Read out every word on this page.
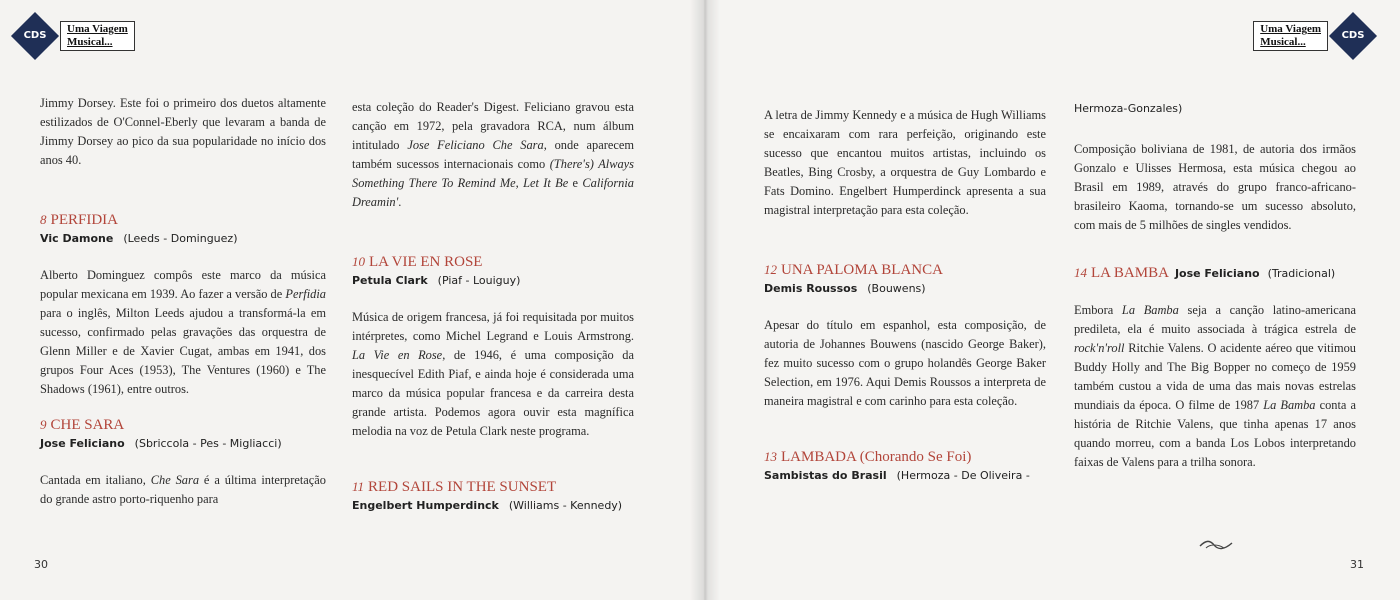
CDS
Uma Viagem
Musical...

Jimmy Dorsey. Este foi o primeiro dos duetos altamente estilizados de O'Connel-Eberly que levaram a banda de Jimmy Dorsey ao pico da sua popularidade no início dos anos 40.

8 PERFIDIA

Vic Damone (Leeds - Dominguez)

Alberto Dominguez compôs este marco da música popular mexicana em 1939. Ao fazer a versão de Perfidia para o inglês, Milton Leeds ajudou a transformá-la em sucesso, confirmado pelas gravações das orquestra de Glenn Miller e de Xavier Cugat, ambas em 1941, dos grupos Four Aces (1953), The Ventures (1960) e The Shadows (1961), entre outros.

9 CHE SARA

Jose Feliciano (Sbriccola - Pes - Migliacci)

Cantada em italiano, Che Sara é a última interpretação do grande astro porto-riquenho para

esta coleção do Reader's Digest. Feliciano gravou esta canção em 1972, pela gravadora RCA, num álbum intitulado Jose Feliciano Che Sara, onde aparecem também sucessos internacionais como (There's) Always Something There To Remind Me, Let It Be e California Dreamin'.

10 LA VIE EN ROSE

Petula Clark (Piaf - Louiguy)

Música de origem francesa, já foi requisitada por muitos intérpretes, como Michel Legrand e Louis Armstrong. La Vie en Rose, de 1946, é uma composição da inesquecível Edith Piaf, e ainda hoje é considerada uma marco da música popular francesa e da carreira desta grande artista. Podemos agora ouvir esta magnífica melodia na voz de Petula Clark neste programa.

11 RED SAILS IN THE SUNSET

Engelbert Humperdinck (Williams - Kennedy)

30
Uma Viagem
Musical...
CDS

A letra de Jimmy Kennedy e a música de Hugh Williams se encaixaram com rara perfeição, originando este sucesso que encantou muitos artistas, incluindo os Beatles, Bing Crosby, a orquestra de Guy Lombardo e Fats Domino. Engelbert Humperdinck apresenta a sua magistral interpretação para esta coleção.

12 UNA PALOMA BLANCA

Demis Roussos (Bouwens)

Apesar do título em espanhol, esta composição, de autoria de Johannes Bouwens (nascido George Baker), fez muito sucesso com o grupo holandês George Baker Selection, em 1976. Aqui Demis Roussos a interpreta de maneira magistral e com carinho para esta coleção.

13 LAMBADA (Chorando Se Foi)

Sambistas do Brasil (Hermoza - De Oliveira -

Hermoza-Gonzales)

Composição boliviana de 1981, de autoria dos irmãos Gonzalo e Ulisses Hermosa, esta música chegou ao Brasil em 1989, através do grupo franco-africano-brasileiro Kaoma, tornando-se um sucesso absoluto, com mais de 5 milhões de singles vendidos.

14 LA BAMBA Jose Feliciano (Tradicional)

Embora La Bamba seja a canção latino-americana predileta, ela é muito associada à trágica estrela de rock'n'roll Ritchie Valens. O acidente aéreo que vitimou Buddy Holly and The Big Bopper no começo de 1959 também custou a vida de uma das mais novas estrelas mundiais da época. O filme de 1987 La Bamba conta a história de Ritchie Valens, que tinha apenas 17 anos quando morreu, com a banda Los Lobos interpretando faixas de Valens para a trilha sonora.

31
